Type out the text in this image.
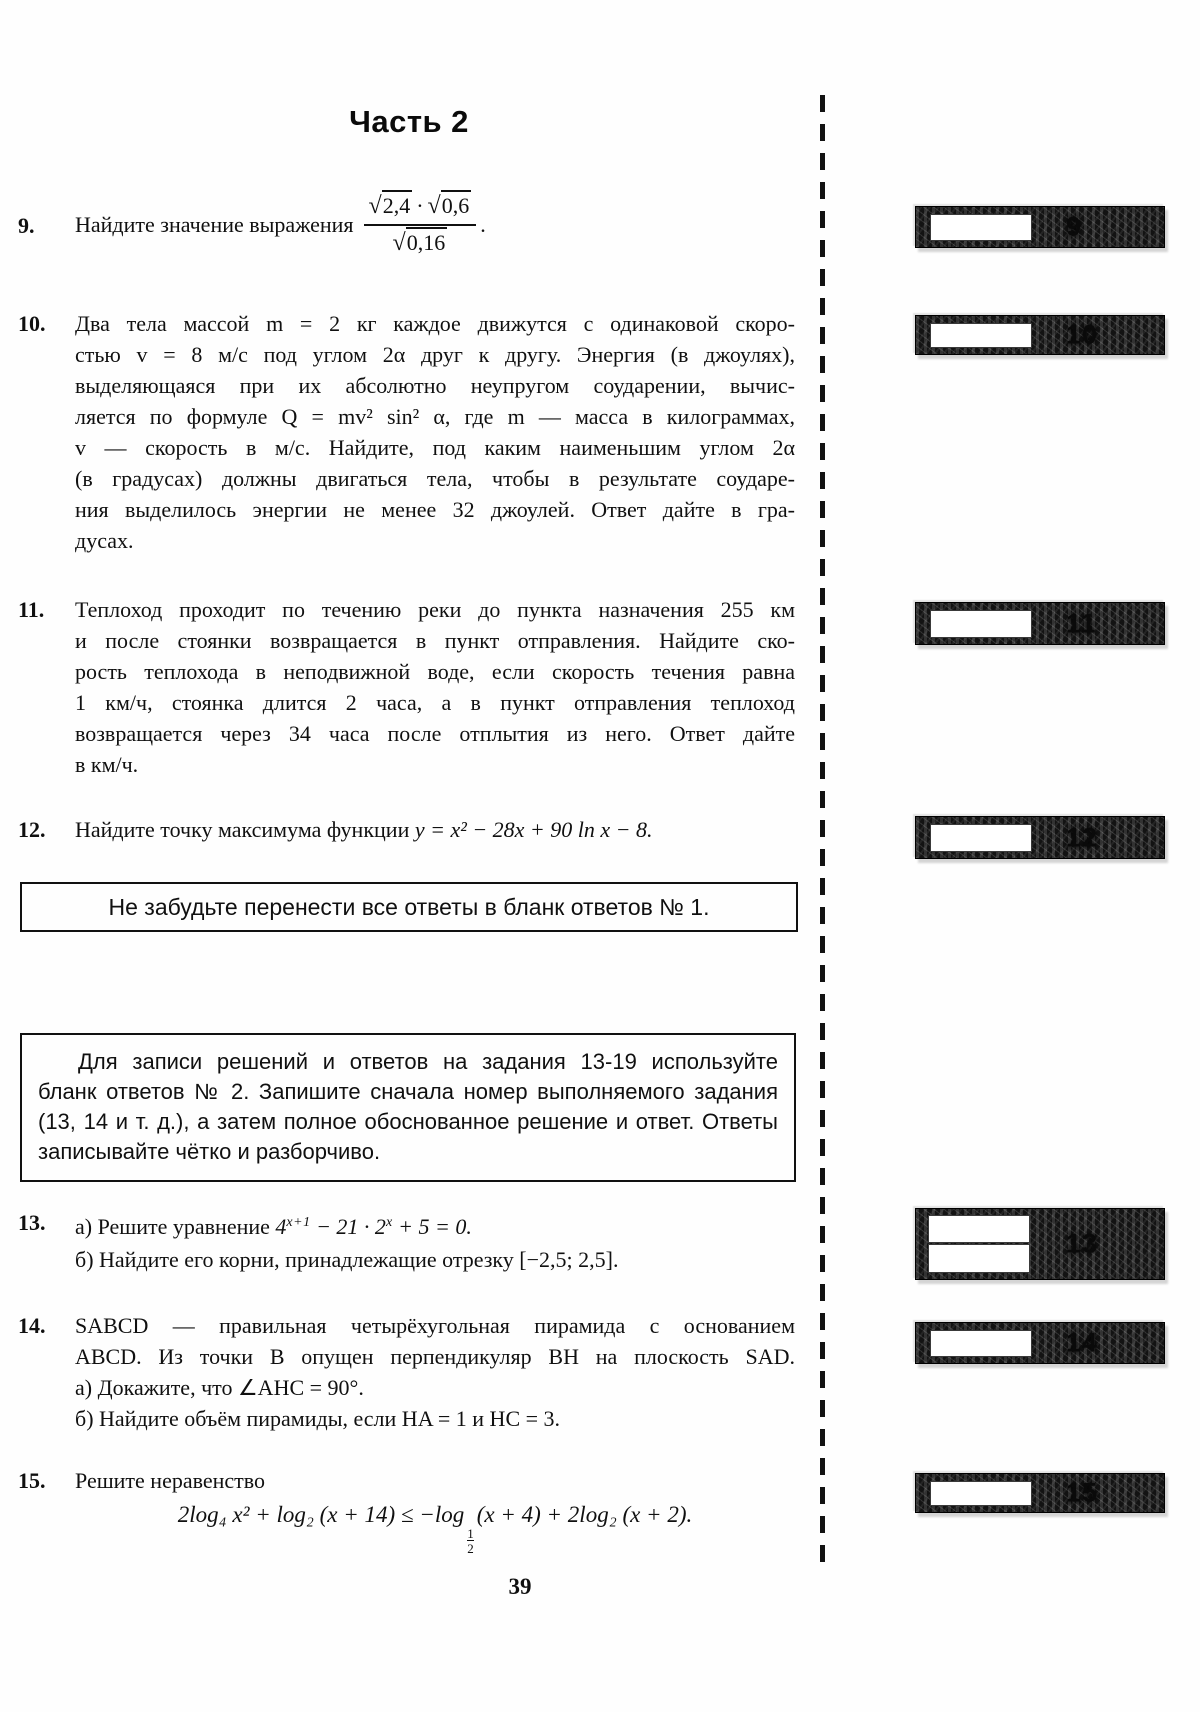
Часть 2
9.	Найдите значение выражения $\frac{√2,4 \cdot √0,6}{√0,16}$ .
10.	Два тела массой m = 2 кг каждое движутся с одинаковой скоро-
стью v = 8 м/с под углом 2α друг к другу. Энергия (в джоулях),
выделяющаяся при их абсолютно неупругом соударении, вычис-
ляется по формуле Q = mv² sin² α, где m — масса в килограммах,
v — скорость в м/с. Найдите, под каким наименьшим углом 2α
(в градусах) должны двигаться тела, чтобы в результате соударе-
ния выделилось энергии не менее 32 джоулей. Ответ дайте в гра-
дусах.
11.	Теплоход проходит по течению реки до пункта назначения 255 км
и после стоянки возвращается в пункт отправления. Найдите ско-
рость теплохода в неподвижной воде, если скорость течения равна
1 км/ч, стоянка длится 2 часа, а в пункт отправления теплоход
возвращается через 34 часа после отплытия из него. Ответ дайте
в км/ч.
12.	Найдите точку максимума функции y = x² − 28x + 90 ln x − 8.
Не забудьте перенести все ответы в бланк ответов № 1.
Для записи решений и ответов на задания 13-19 используйте
бланк ответов № 2. Запишите сначала номер выполняемого задания
(13, 14 и т. д.), а затем полное обоснованное решение и ответ. Ответы
записывайте чётко и разборчиво.
13.	а) Решите уравнение $4^{x+1} - 21 \cdot 2^x + 5 = 0$.
б) Найдите его корни, принадлежащие отрезку [−2,5; 2,5].
14.	SABCD — правильная четырёхугольная пирамида с основанием
ABCD. Из точки B опущен перпендикуляр BH на плоскость SAD.
а) Докажите, что ∠AHC = 90°.
б) Найдите объём пирамиды, если HA = 1 и HC = 3.
15.	Решите неравенство
2log₄ x² + log₂ (x + 14) ≤ −log
$\frac{1}{2}$
(x + 4) + 2log₂ (x + 2).
9
10
11
12
13
14
15
39
